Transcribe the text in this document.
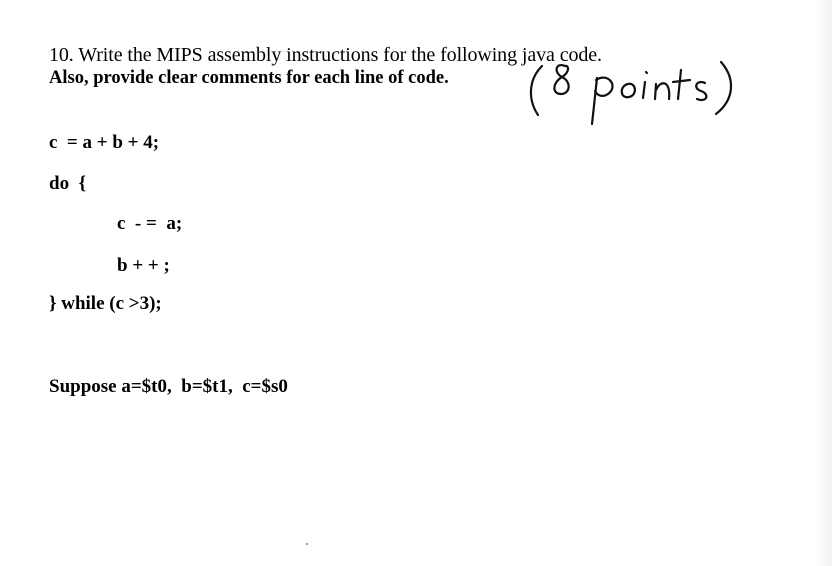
10. Write the MIPS assembly instructions for the following java code.

Also, provide clear comments for each line of code.

c  = a + b + 4;

do  {

c  - =  a;

b + + ;

} while (c >3);

Suppose a=$t0,  b=$t1,  c=$s0
